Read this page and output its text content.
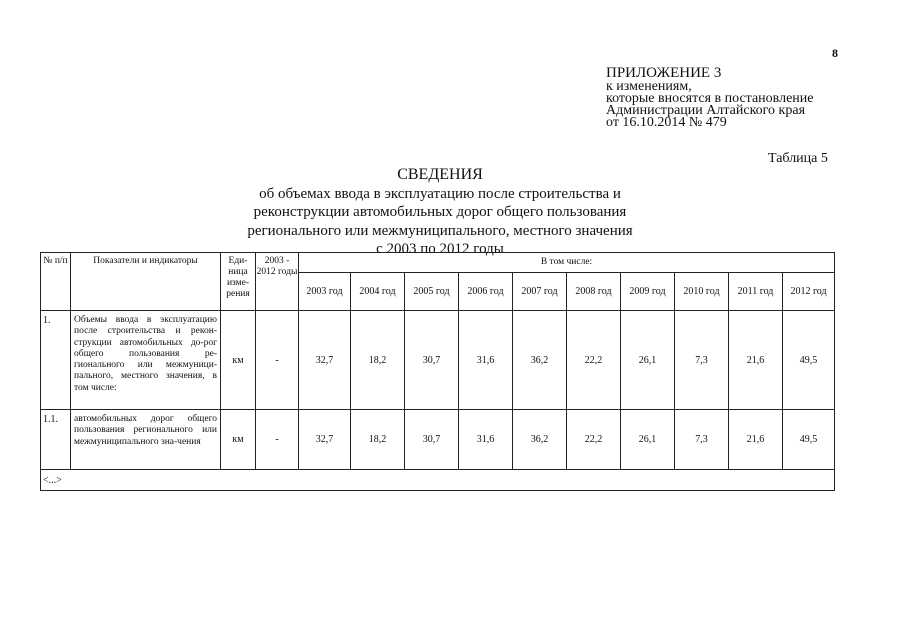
8
ПРИЛОЖЕНИЕ 3
к изменениям,
которые вносятся в постановление
Администрации Алтайского края
от 16.10.2014 № 479
Таблица 5
СВЕДЕНИЯ
об объемах ввода в эксплуатацию после строительства и
реконструкции автомобильных дорог общего пользования
регионального или межмуниципального, местного значения
с 2003 по 2012 годы
№ п/п	Показатели и индикаторы	Еди-ница изме-рения	2003 - 2012 годы	В том числе:									
				2003 год	2004 год	2005 год	2006 год	2007 год	2008 год	2009 год	2010 год	2011 год	2012 год
1.	Объемы ввода в эксплуатацию после строительства и рекон-струкции автомобильных до-рог общего пользования ре-гионального или межмуници-пального, местного значения, в том числе:	км	-	32,7	18,2	30,7	31,6	36,2	22,2	26,1	7,3	21,6	49,5
1.1.	автомобильных дорог общего пользования регионального или межмуниципального зна-чения	км	-	32,7	18,2	30,7	31,6	36,2	22,2	26,1	7,3	21,6	49,5
<...>													
